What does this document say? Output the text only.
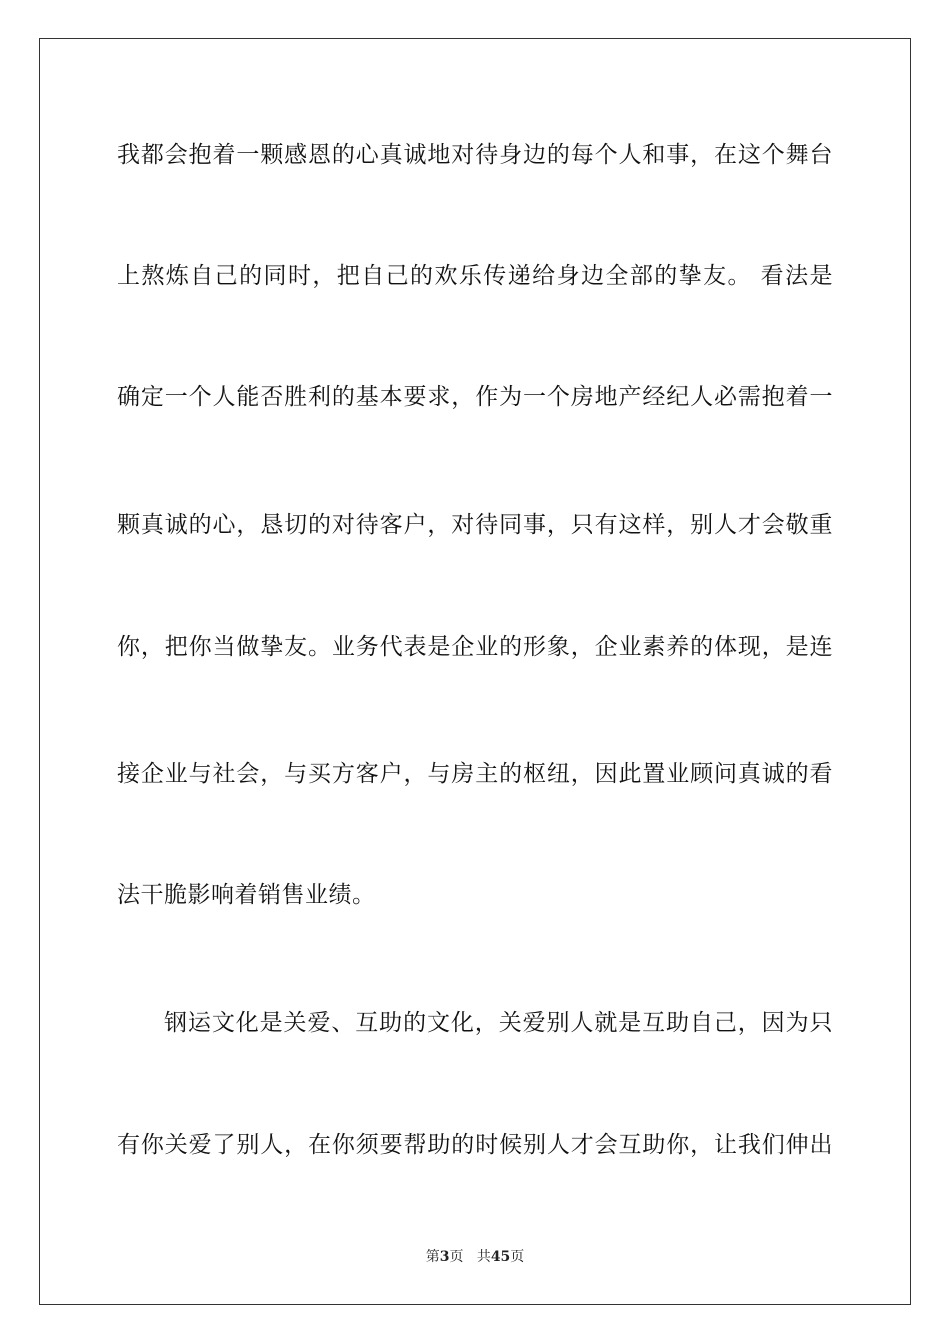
我都会抱着一颗感恩的心真诚地对待身边的每个人和事，在这个舞台
上熬炼自己的同时，把自己的欢乐传递给身边全部的挚友。 看法是
确定一个人能否胜利的基本要求，作为一个房地产经纪人必需抱着一
颗真诚的心，恳切的对待客户，对待同事，只有这样，别人才会敬重
你，把你当做挚友。业务代表是企业的形象，企业素养的体现，是连
接企业与社会，与买方客户，与房主的枢纽，因此置业顾问真诚的看
法干脆影响着销售业绩。
钢运文化是关爱、互助的文化，关爱别人就是互助自己，因为只
有你关爱了别人，在你须要帮助的时候别人才会互助你，让我们伸出
第3页 共45页
